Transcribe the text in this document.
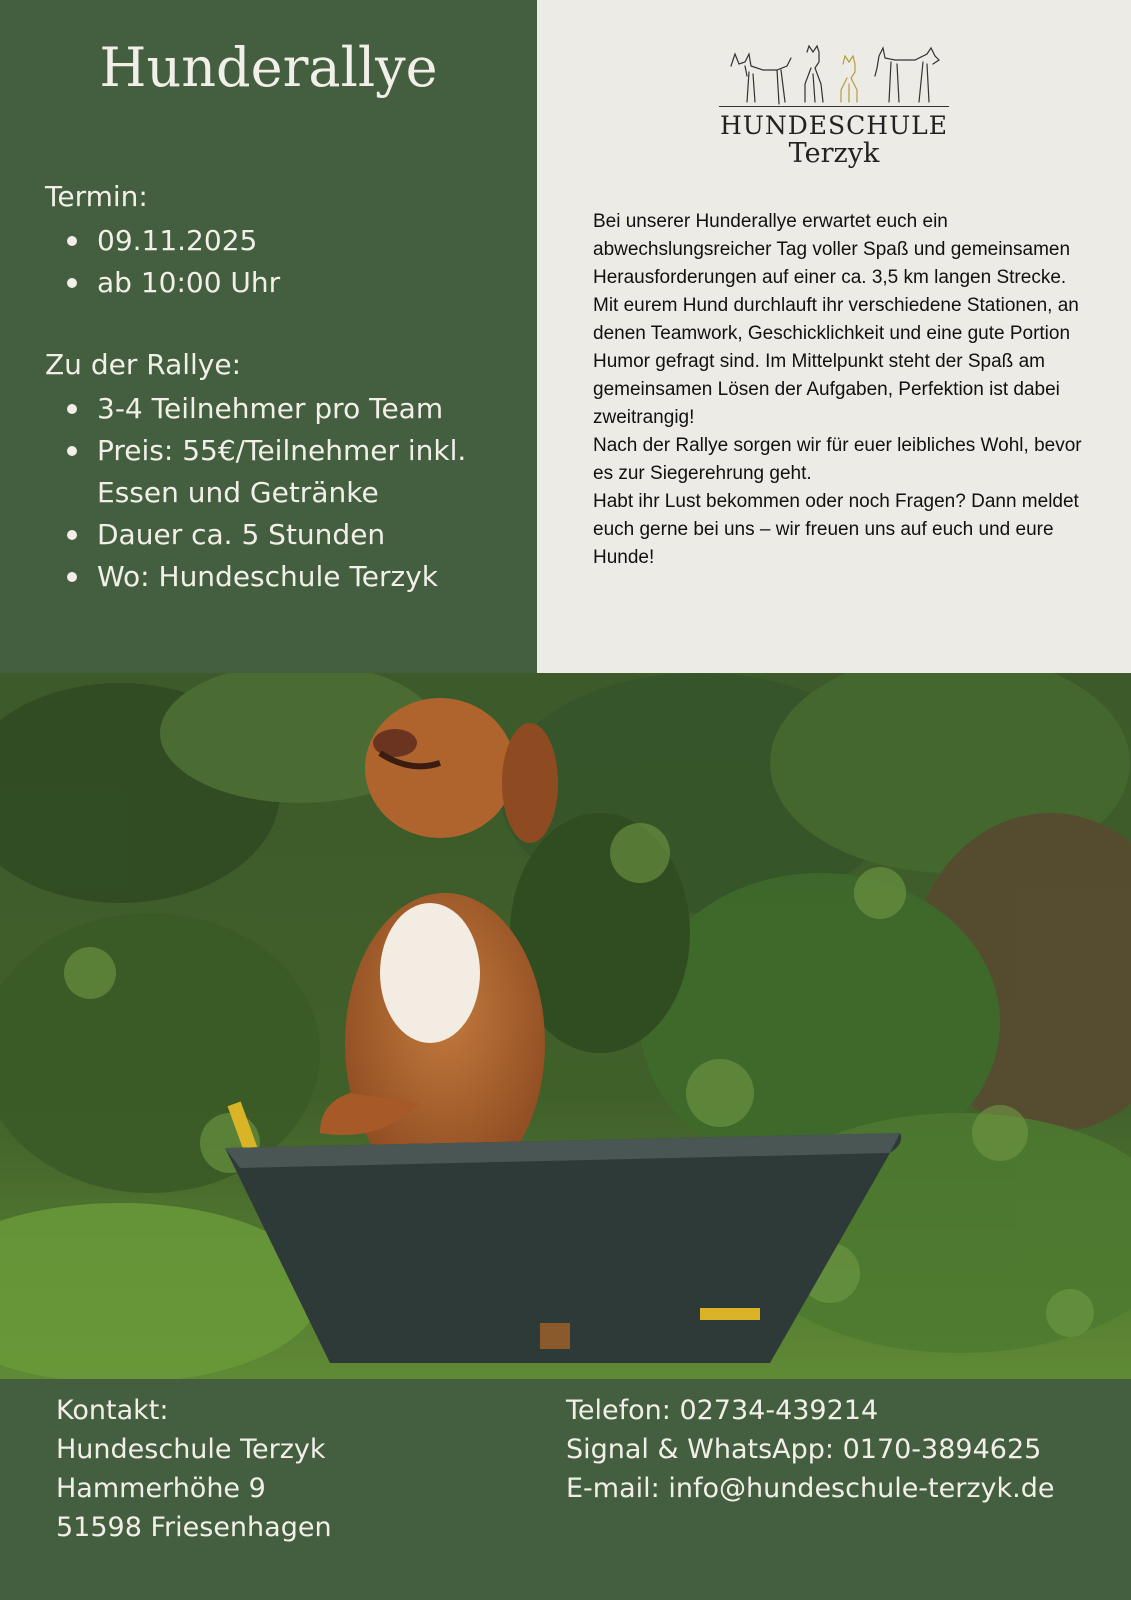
Hunderallye
Termin:
09.11.2025
ab 10:00 Uhr
Zu der Rallye:
3-4 Teilnehmer pro Team
Preis: 55€/Teilnehmer inkl. Essen und Getränke
Dauer ca. 5 Stunden
Wo: Hundeschule Terzyk
HUNDESCHULE
Terzyk

Bei unserer Hunderallye erwartet euch ein abwechslungsreicher Tag voller Spaß und gemeinsamen Herausforderungen auf einer ca. 3,5 km langen Strecke.

Mit eurem Hund durchlauft ihr verschiedene Stationen, an denen Teamwork, Geschicklichkeit und eine gute Portion Humor gefragt sind. Im Mittelpunkt steht der Spaß am gemeinsamen Lösen der Aufgaben, Perfektion ist dabei zweitrangig!

Nach der Rallye sorgen wir für euer leibliches Wohl, bevor es zur Siegerehrung geht.

Habt ihr Lust bekommen oder noch Fragen? Dann meldet euch gerne bei uns – wir freuen uns auf euch und eure Hunde!

Kontakt:
Hundeschule Terzyk
Hammerhöhe 9
51598 Friesenhagen
Telefon: 02734-439214
Signal & WhatsApp: 0170-3894625
E-mail: info@hundeschule-terzyk.de
